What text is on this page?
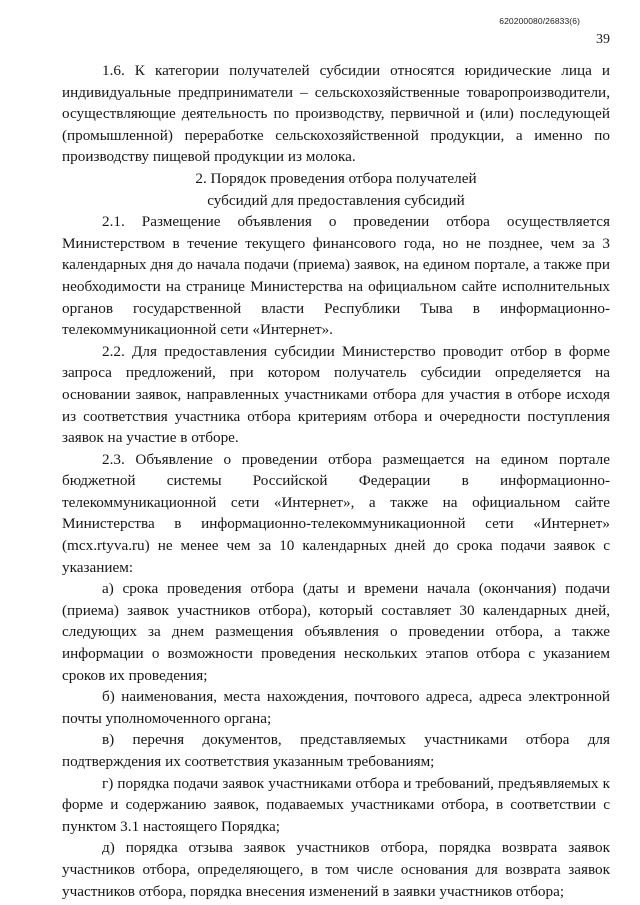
620200080/26833(6)
39

1.6. К категории получателей субсидии относятся юридические лица и индивидуальные предприниматели – сельскохозяйственные товаропроизводители, осуществляющие деятельность по производству, первичной и (или) последующей (промышленной) переработке сельскохозяйственной продукции, а именно по производству пищевой продукции из молока.

2. Порядок проведения отбора получателей
субсидий для предоставления субсидий

2.1. Размещение объявления о проведении отбора осуществляется Министерством в течение текущего финансового года, но не позднее, чем за 3 календарных дня до начала подачи (приема) заявок, на едином портале, а также при необходимости на странице Министерства на официальном сайте исполнительных органов государственной власти Республики Тыва в информационно-телекоммуникационной сети «Интернет».

2.2. Для предоставления субсидии Министерство проводит отбор в форме запроса предложений, при котором получатель субсидии определяется на основании заявок, направленных участниками отбора для участия в отборе исходя из соответствия участника отбора критериям отбора и очередности поступления заявок на участие в отборе.

2.3. Объявление о проведении отбора размещается на едином портале бюджетной системы Российской Федерации в информационно-телекоммуникационной сети «Интернет», а также на официальном сайте Министерства в информационно-телекоммуникационной сети «Интернет» (mcx.rtyva.ru) не менее чем за 10 календарных дней до срока подачи заявок с указанием:

а) срока проведения отбора (даты и времени начала (окончания) подачи (приема) заявок участников отбора), который составляет 30 календарных дней, следующих за днем размещения объявления о проведении отбора, а также информации о возможности проведения нескольких этапов отбора с указанием сроков их проведения;

б) наименования, места нахождения, почтового адреса, адреса электронной почты уполномоченного органа;

в) перечня документов, представляемых участниками отбора для подтверждения их соответствия указанным требованиям;

г) порядка подачи заявок участниками отбора и требований, предъявляемых к форме и содержанию заявок, подаваемых участниками отбора, в соответствии с пунктом 3.1 настоящего Порядка;

д) порядка отзыва заявок участников отбора, порядка возврата заявок участников отбора, определяющего, в том числе основания для возврата заявок участников отбора, порядка внесения изменений в заявки участников отбора;
